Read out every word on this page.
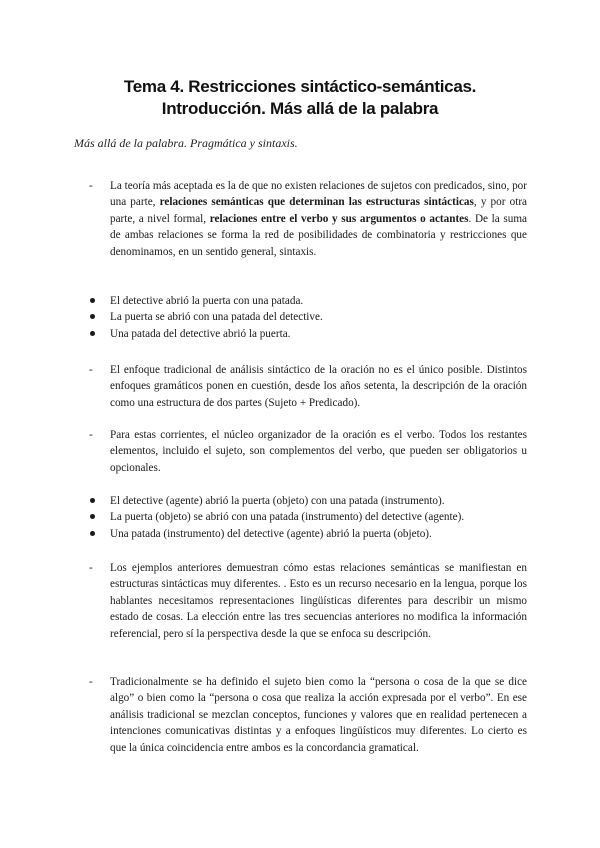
Tema 4. Restricciones sintáctico-semánticas. Introducción. Más allá de la palabra

Más allá de la palabra. Pragmática y sintaxis.

- La teoría más aceptada es la de que no existen relaciones de sujetos con predicados, sino, por una parte, relaciones semánticas que determinan las estructuras sintácticas, y por otra parte, a nivel formal, relaciones entre el verbo y sus argumentos o actantes. De la suma de ambas relaciones se forma la red de posibilidades de combinatoria y restricciones que denominamos, en un sentido general, sintaxis.
El detective abrió la puerta con una patada.
La puerta se abrió con una patada del detective.
Una patada del detective abrió la puerta.
- El enfoque tradicional de análisis sintáctico de la oración no es el único posible. Distintos enfoques gramáticos ponen en cuestión, desde los años setenta, la descripción de la oración como una estructura de dos partes (Sujeto + Predicado).
- Para estas corrientes, el núcleo organizador de la oración es el verbo. Todos los restantes elementos, incluido el sujeto, son complementos del verbo, que pueden ser obligatorios u opcionales.
El detective (agente) abrió la puerta (objeto) con una patada (instrumento).
La puerta (objeto) se abrió con una patada (instrumento) del detective (agente).
Una patada (instrumento) del detective (agente) abrió la puerta (objeto).
- Los ejemplos anteriores demuestran cómo estas relaciones semánticas se manifiestan en estructuras sintácticas muy diferentes. . Esto es un recurso necesario en la lengua, porque los hablantes necesitamos representaciones lingüísticas diferentes para describir un mismo estado de cosas. La elección entre las tres secuencias anteriores no modifica la información referencial, pero sí la perspectiva desde la que se enfoca su descripción.
- Tradicionalmente se ha definido el sujeto bien como la “persona o cosa de la que se dice algo” o bien como la “persona o cosa que realiza la acción expresada por el verbo”. En ese análisis tradicional se mezclan conceptos, funciones y valores que en realidad pertenecen a intenciones comunicativas distintas y a enfoques lingüísticos muy diferentes. Lo cierto es que la única coincidencia entre ambos es la concordancia gramatical.
